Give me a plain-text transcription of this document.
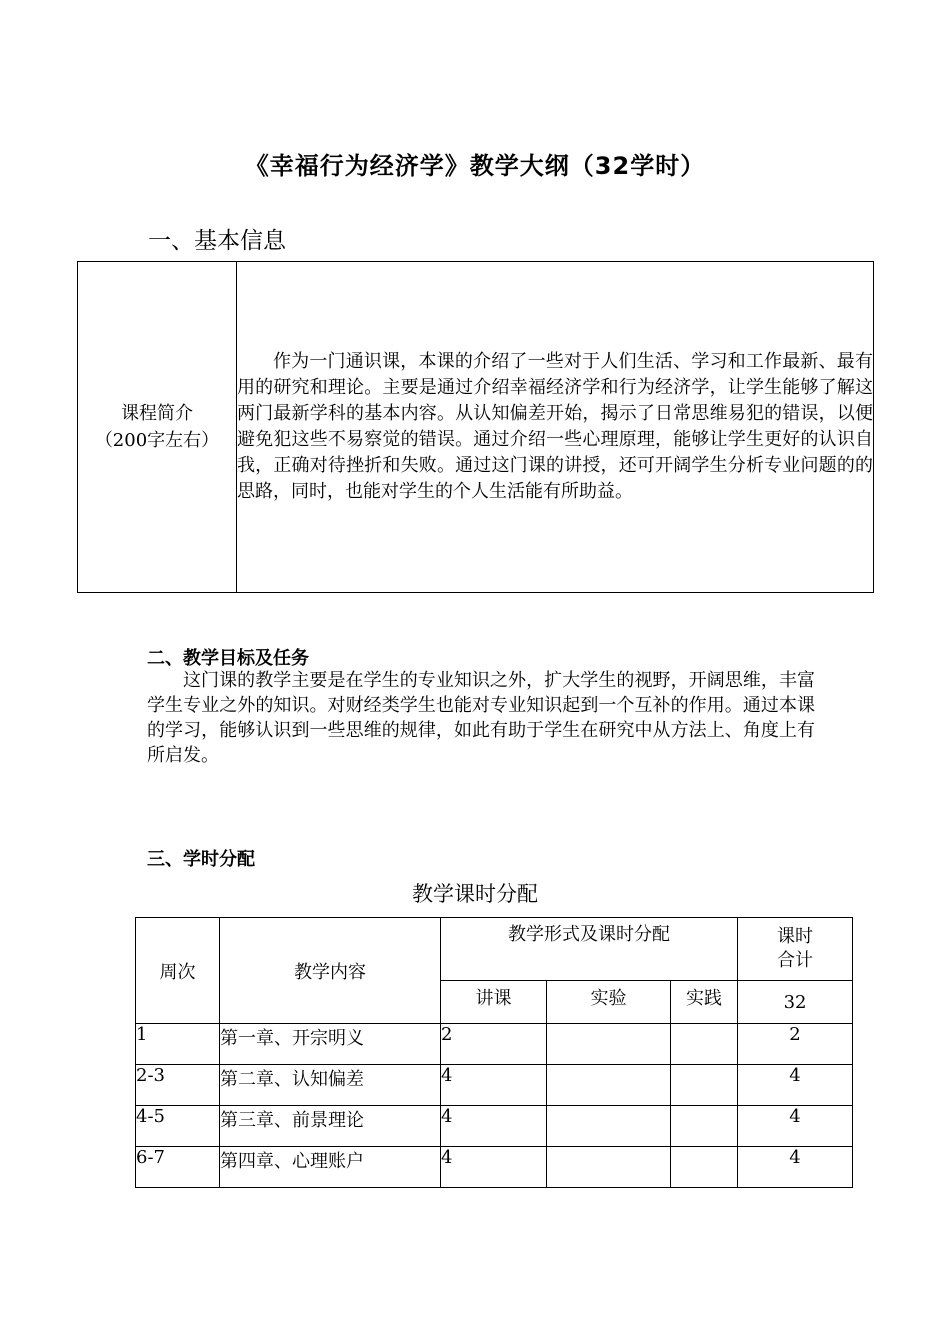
《幸福行为经济学》教学大纲（32学时）
一、基本信息
课程简介
（200字左右）

作为一门通识课，本课的介绍了一些对于人们生活、学习和工作最新、最有用的研究和理论。主要是通过介绍幸福经济学和行为经济学，让学生能够了解这两门最新学科的基本内容。从认知偏差开始，揭示了日常思维易犯的错误，以便避免犯这些不易察觉的错误。通过介绍一些心理原理，能够让学生更好的认识自我，正确对待挫折和失败。通过这门课的讲授，还可开阔学生分析专业问题的的思路，同时，也能对学生的个人生活能有所助益。

二、教学目标及任务

这门课的教学主要是在学生的专业知识之外，扩大学生的视野，开阔思维，丰富学生专业之外的知识。对财经类学生也能对专业知识起到一个互补的作用。通过本课的学习，能够认识到一些思维的规律，如此有助于学生在研究中从方法上、角度上有所启发。

三、学时分配
教学课时分配
周次	教学内容	教学形式及课时分配			课时
合计

		讲课	实验	实践	32
1	第一章、开宗明义	2			2
2-3	第二章、认知偏差	4			4
4-5	第三章、前景理论	4			4
6-7	第四章、心理账户	4			4
